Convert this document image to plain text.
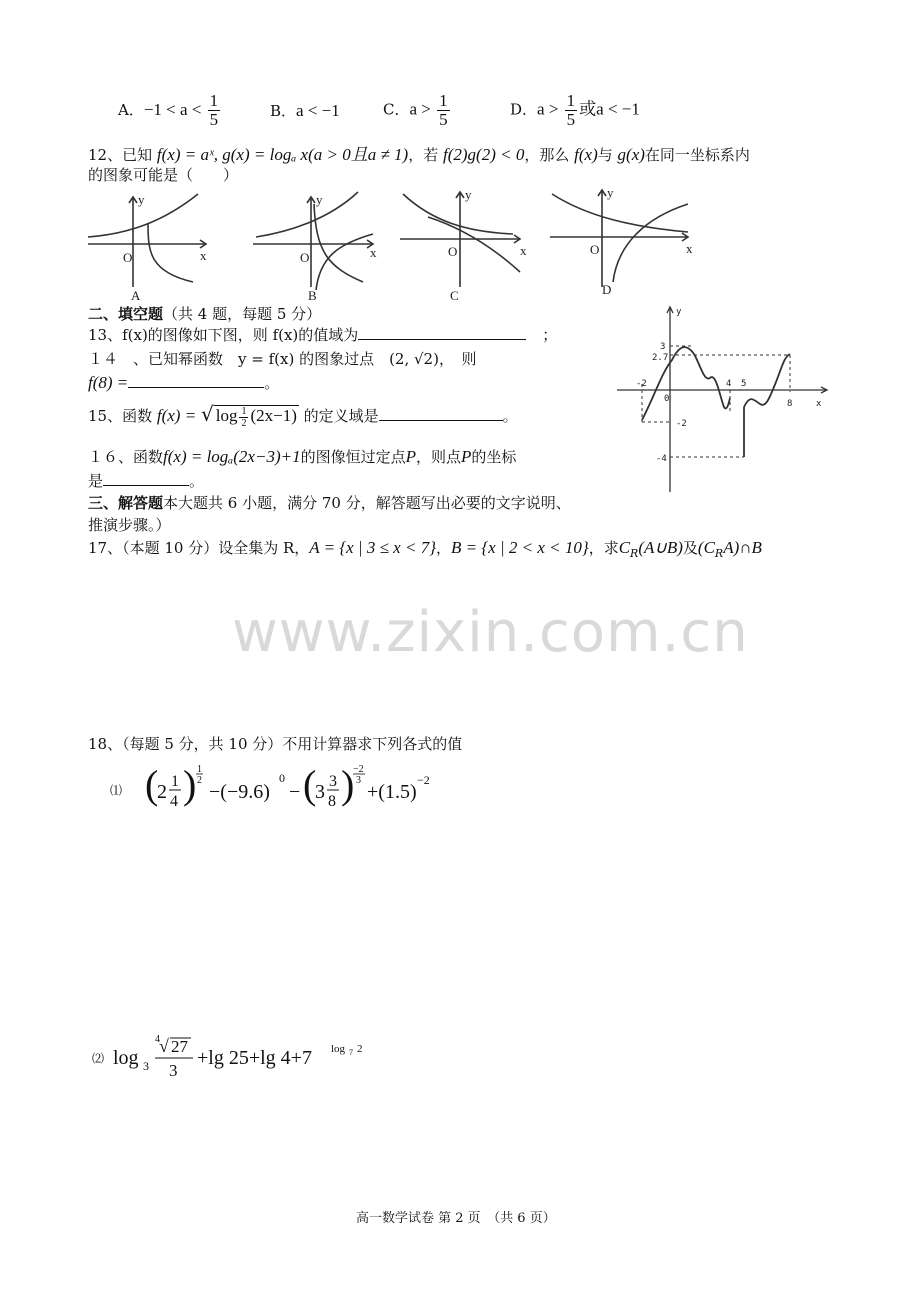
A．$-1 < a < \frac{1}{5}$	B．a < −1	C．$a > \frac{1}{5}$	D．$a > \frac{1}{5}$ 或a < −1
12、已知 f(x) = aˣ, g(x) = logₐ x(a > 0且a ≠ 1)，若 f(2)g(2) < 0，那么 f(x)与 g(x)在同一坐标系内
的图象可能是（　　）
y
x
O
A
y
x
O
B
y
x
O
C
y
x
O
D
二、填空题（共 4 题，每题 5 分）
13、f(x)的图像如下图，则 f(x)的值域为	；
１４　、已知幂函数　y = f(x) 的图象过点　(2, √2)，　则
f(8) =	。
15、函数 f(x) = √ $\log \frac{1}{2} (2x-1)$ 的定义域是	。
１６、函数f(x) = logₐ(2x−3)+1的图像恒过定点P，则点P的坐标
是	。
三、解答题本大题共 6 小题，满分 70 分，解答题写出必要的文字说明、
推演步骤。）
y
x
0
-2	4 5
8
3
2.7
-2
-4
17、（本题 10 分）设全集为 R，A = {x | 3 ≤ x < 7}，B = {x | 2 < x < 10}，求$C_R(A\cup B)$及$(C_RA)\cap B$
www.zixin.com.cn
18、（每题 5 分，共 10 分）不用计算器求下列各式的值
⑴ (
2 1
4 ) 1
2
−(−9.6)
0
− (
3 3
8 )
−2
3
+(1.5)
−2
⑵ log 3
4 √ 27
3
+lg 25+lg 4+7 log 7 2
高一数学试卷 第 2 页　（共 6 页）
